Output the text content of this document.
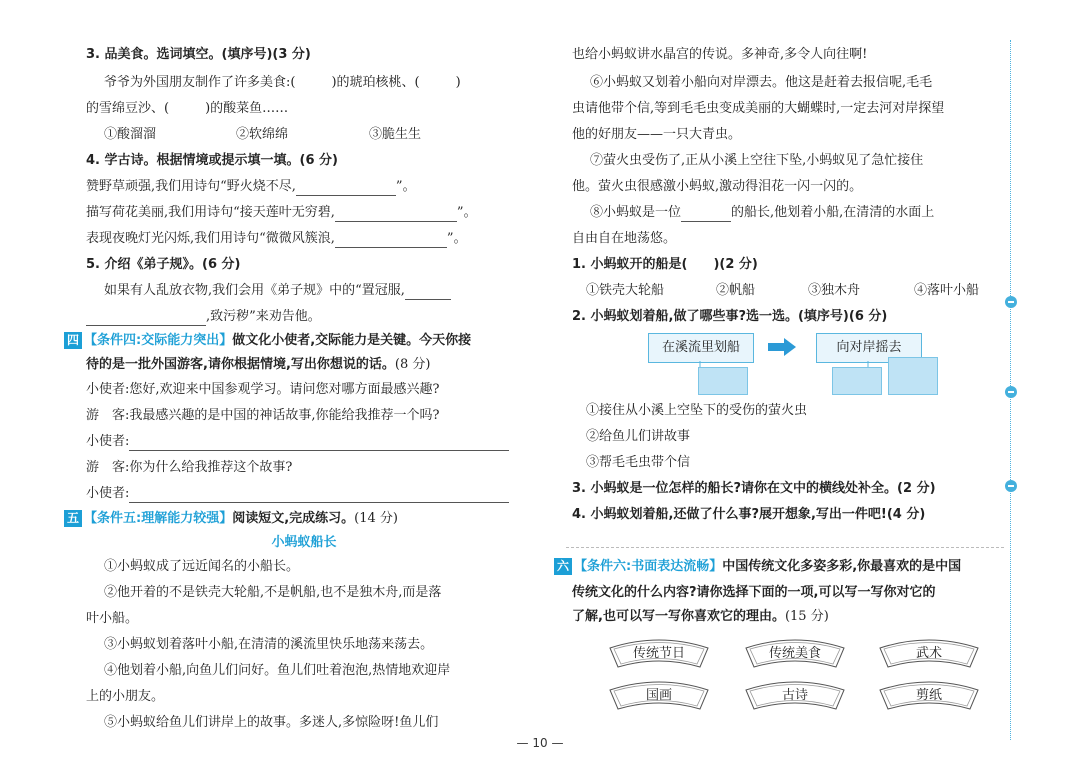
3. 品美食。选词填空。(填序号)(3 分)
爷爷为外国朋友制作了许多美食:(	)的琥珀核桃、(	)
的雪绵豆沙、(	)的酸菜鱼……
①酸溜溜	②软绵绵	③脆生生
4. 学古诗。根据情境或提示填一填。(6 分)
赞野草顽强,我们用诗句“野火烧不尽,	”。
描写荷花美丽,我们用诗句“接天莲叶无穷碧,	”。
表现夜晚灯光闪烁,我们用诗句“微微风簇浪,	”。
5. 介绍《弟子规》。(6 分)
如果有人乱放衣物,我们会用《弟子规》中的“置冠服,
,致污秽”来劝告他。
四 【条件四:交际能力突出】做文化小使者,交际能力是关键。今天你接
待的是一批外国游客,请你根据情境,写出你想说的话。(8 分)
小使者:您好,欢迎来中国参观学习。请问您对哪方面最感兴趣?
游　客:我最感兴趣的是中国的神话故事,你能给我推荐一个吗?
小使者:
游　客:你为什么给我推荐这个故事?
小使者:
五 【条件五:理解能力较强】阅读短文,完成练习。(14 分)
小蚂蚁船长
①小蚂蚁成了远近闻名的小船长。
②他开着的不是铁壳大轮船,不是帆船,也不是独木舟,而是落
叶小船。
③小蚂蚁划着落叶小船,在清清的溪流里快乐地荡来荡去。
④他划着小船,向鱼儿们问好。鱼儿们吐着泡泡,热情地欢迎岸
上的小朋友。
⑤小蚂蚁给鱼儿们讲岸上的故事。多迷人,多惊险呀!鱼儿们
也给小蚂蚁讲水晶宫的传说。多神奇,多令人向往啊!
⑥小蚂蚁又划着小船向对岸漂去。他这是赶着去报信呢,毛毛
虫请他带个信,等到毛毛虫变成美丽的大蝴蝶时,一定去河对岸探望
他的好朋友——一只大青虫。
⑦萤火虫受伤了,正从小溪上空往下坠,小蚂蚁见了急忙接住
他。萤火虫很感激小蚂蚁,激动得泪花一闪一闪的。
⑧小蚂蚁是一位	的船长,他划着小船,在清清的水面上
自由自在地荡悠。
1. 小蚂蚁开的船是(　　)(2 分)
①铁壳大轮船	②帆船	③独木舟	④落叶小船
2. 小蚂蚁划着船,做了哪些事?选一选。(填序号)(6 分)
在溪流里划船	向对岸摇去
①接住从小溪上空坠下的受伤的萤火虫
②给鱼儿们讲故事
③帮毛毛虫带个信
3. 小蚂蚁是一位怎样的船长?请你在文中的横线处补全。(2 分)
4. 小蚂蚁划着船,还做了什么事?展开想象,写出一件吧!(4 分)
六 【条件六:书面表达流畅】中国传统文化多姿多彩,你最喜欢的是中国
传统文化的什么内容?请你选择下面的一项,可以写一写你对它的
了解,也可以写一写你喜欢它的理由。(15 分)
传统节日	传统美食	武术
国画	古诗	剪纸
— 10 —
